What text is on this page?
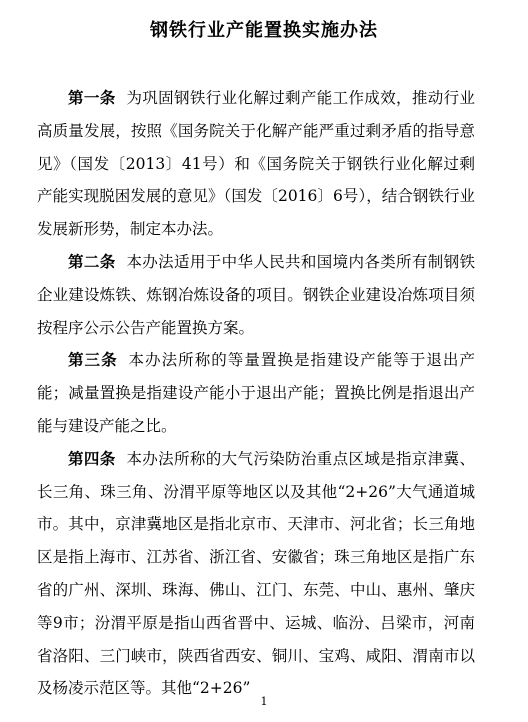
钢铁行业产能置换实施办法

第一条 为巩固钢铁行业化解过剩产能工作成效，推动行业高质量发展，按照《国务院关于化解产能严重过剩矛盾的指导意见》（国发〔2013〕41号）和《国务院关于钢铁行业化解过剩产能实现脱困发展的意见》（国发〔2016〕6号），结合钢铁行业发展新形势，制定本办法。

第二条 本办法适用于中华人民共和国境内各类所有制钢铁企业建设炼铁、炼钢冶炼设备的项目。钢铁企业建设冶炼项目须按程序公示公告产能置换方案。

第三条 本办法所称的等量置换是指建设产能等于退出产能；减量置换是指建设产能小于退出产能；置换比例是指退出产能与建设产能之比。

第四条 本办法所称的大气污染防治重点区域是指京津冀、长三角、珠三角、汾渭平原等地区以及其他“2+26”大气通道城市。其中，京津冀地区是指北京市、天津市、河北省；长三角地区是指上海市、江苏省、浙江省、安徽省；珠三角地区是指广东省的广州、深圳、珠海、佛山、江门、东莞、中山、惠州、肇庆等9市；汾渭平原是指山西省晋中、运城、临汾、吕梁市，河南省洛阳、三门峡市，陕西省西安、铜川、宝鸡、咸阳、渭南市以及杨凌示范区等。其他“2+26”

1
